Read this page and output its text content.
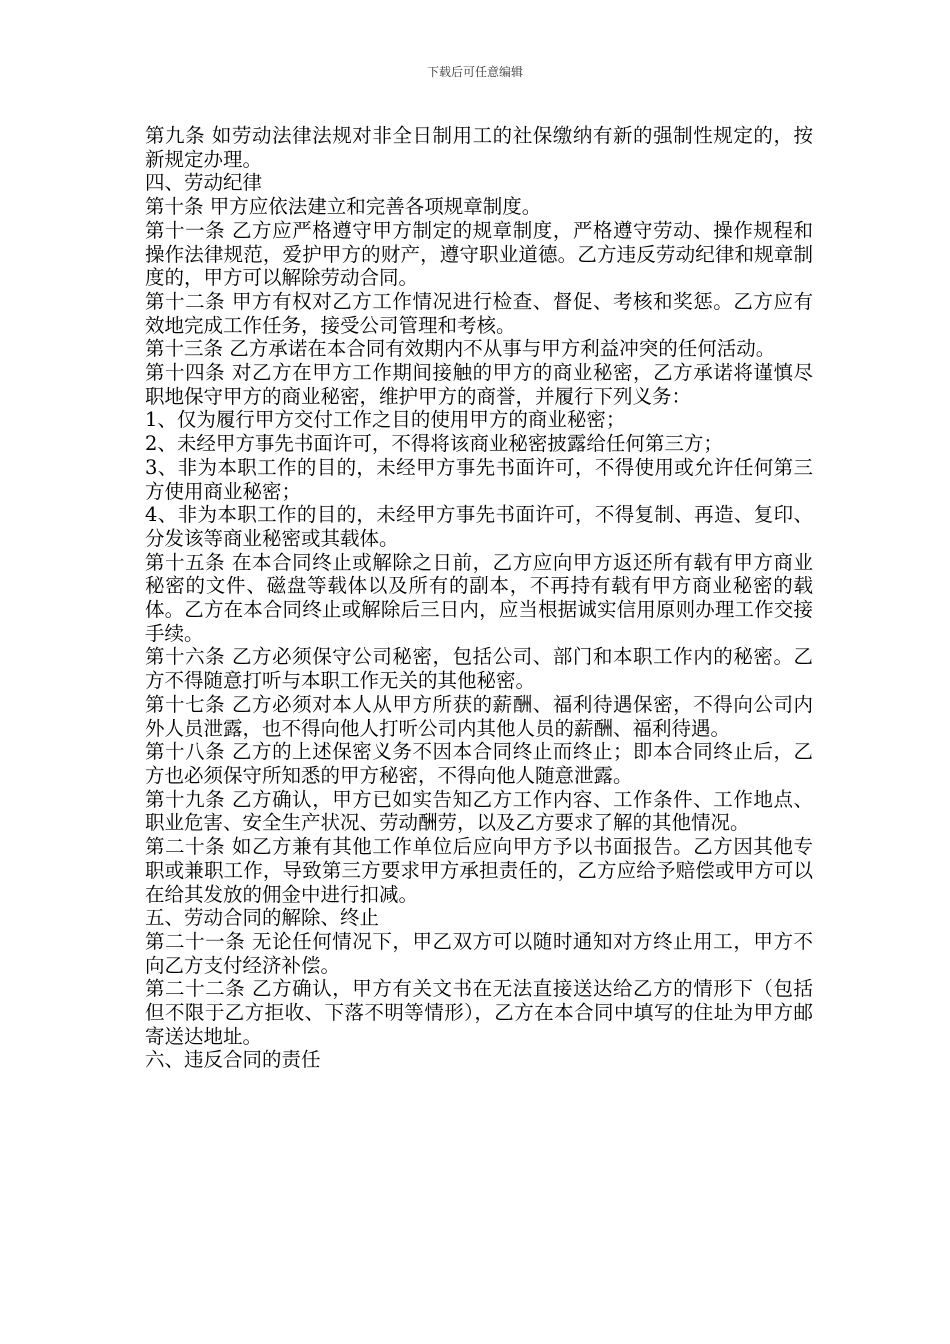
下载后可任意编辑

第九条 如劳动法律法规对非全日制用工的社保缴纳有新的强制性规定的，按新规定办理。

四、劳动纪律

第十条 甲方应依法建立和完善各项规章制度。

第十一条 乙方应严格遵守甲方制定的规章制度，严格遵守劳动、操作规程和操作法律规范，爱护甲方的财产，遵守职业道德。乙方违反劳动纪律和规章制度的，甲方可以解除劳动合同。

第十二条 甲方有权对乙方工作情况进行检查、督促、考核和奖惩。乙方应有效地完成工作任务，接受公司管理和考核。

第十三条 乙方承诺在本合同有效期内不从事与甲方利益冲突的任何活动。

第十四条 对乙方在甲方工作期间接触的甲方的商业秘密，乙方承诺将谨慎尽职地保守甲方的商业秘密，维护甲方的商誉，并履行下列义务：

1、仅为履行甲方交付工作之目的使用甲方的商业秘密；

2、未经甲方事先书面许可，不得将该商业秘密披露给任何第三方；

3、非为本职工作的目的，未经甲方事先书面许可，不得使用或允许任何第三方使用商业秘密；

4、非为本职工作的目的，未经甲方事先书面许可，不得复制、再造、复印、分发该等商业秘密或其载体。

第十五条 在本合同终止或解除之日前，乙方应向甲方返还所有载有甲方商业秘密的文件、磁盘等载体以及所有的副本，不再持有载有甲方商业秘密的载体。乙方在本合同终止或解除后三日内，应当根据诚实信用原则办理工作交接手续。

第十六条 乙方必须保守公司秘密，包括公司、部门和本职工作内的秘密。乙方不得随意打听与本职工作无关的其他秘密。

第十七条 乙方必须对本人从甲方所获的薪酬、福利待遇保密，不得向公司内外人员泄露，也不得向他人打听公司内其他人员的薪酬、福利待遇。

第十八条 乙方的上述保密义务不因本合同终止而终止；即本合同终止后，乙方也必须保守所知悉的甲方秘密，不得向他人随意泄露。

第十九条 乙方确认，甲方已如实告知乙方工作内容、工作条件、工作地点、职业危害、安全生产状况、劳动酬劳，以及乙方要求了解的其他情况。

第二十条 如乙方兼有其他工作单位后应向甲方予以书面报告。乙方因其他专职或兼职工作，导致第三方要求甲方承担责任的，乙方应给予赔偿或甲方可以在给其发放的佣金中进行扣减。

五、劳动合同的解除、终止

第二十一条 无论任何情况下，甲乙双方可以随时通知对方终止用工，甲方不向乙方支付经济补偿。

第二十二条 乙方确认，甲方有关文书在无法直接送达给乙方的情形下（包括但不限于乙方拒收、下落不明等情形），乙方在本合同中填写的住址为甲方邮寄送达地址。

六、违反合同的责任
